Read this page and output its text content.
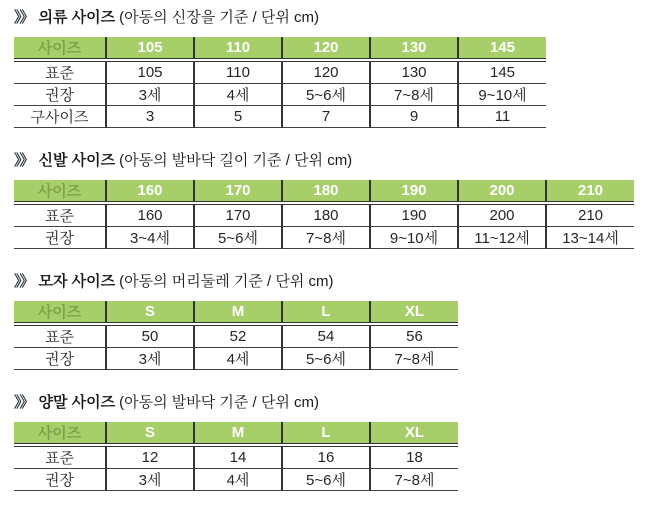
》》 의류 사이즈 (아동의 신장을 기준 / 단위 cm)
사이즈	105	110	120	130	145
표준	105	110	120	130	145
권장	3세	4세	5~6세	7~8세	9~10세
구사이즈	3	5	7	9	11
》》 신발 사이즈 (아동의 발바닥 길이 기준 / 단위 cm)
사이즈	160	170	180	190	200	210
표준	160	170	180	190	200	210
권장	3~4세	5~6세	7~8세	9~10세	11~12세	13~14세
》》 모자 사이즈 (아동의 머리둘레 기준 / 단위 cm)
사이즈	S	M	L	XL
표준	50	52	54	56
권장	3세	4세	5~6세	7~8세
》》 양말 사이즈 (아동의 발바닥 기준 / 단위 cm)
사이즈	S	M	L	XL
표준	12	14	16	18
권장	3세	4세	5~6세	7~8세
